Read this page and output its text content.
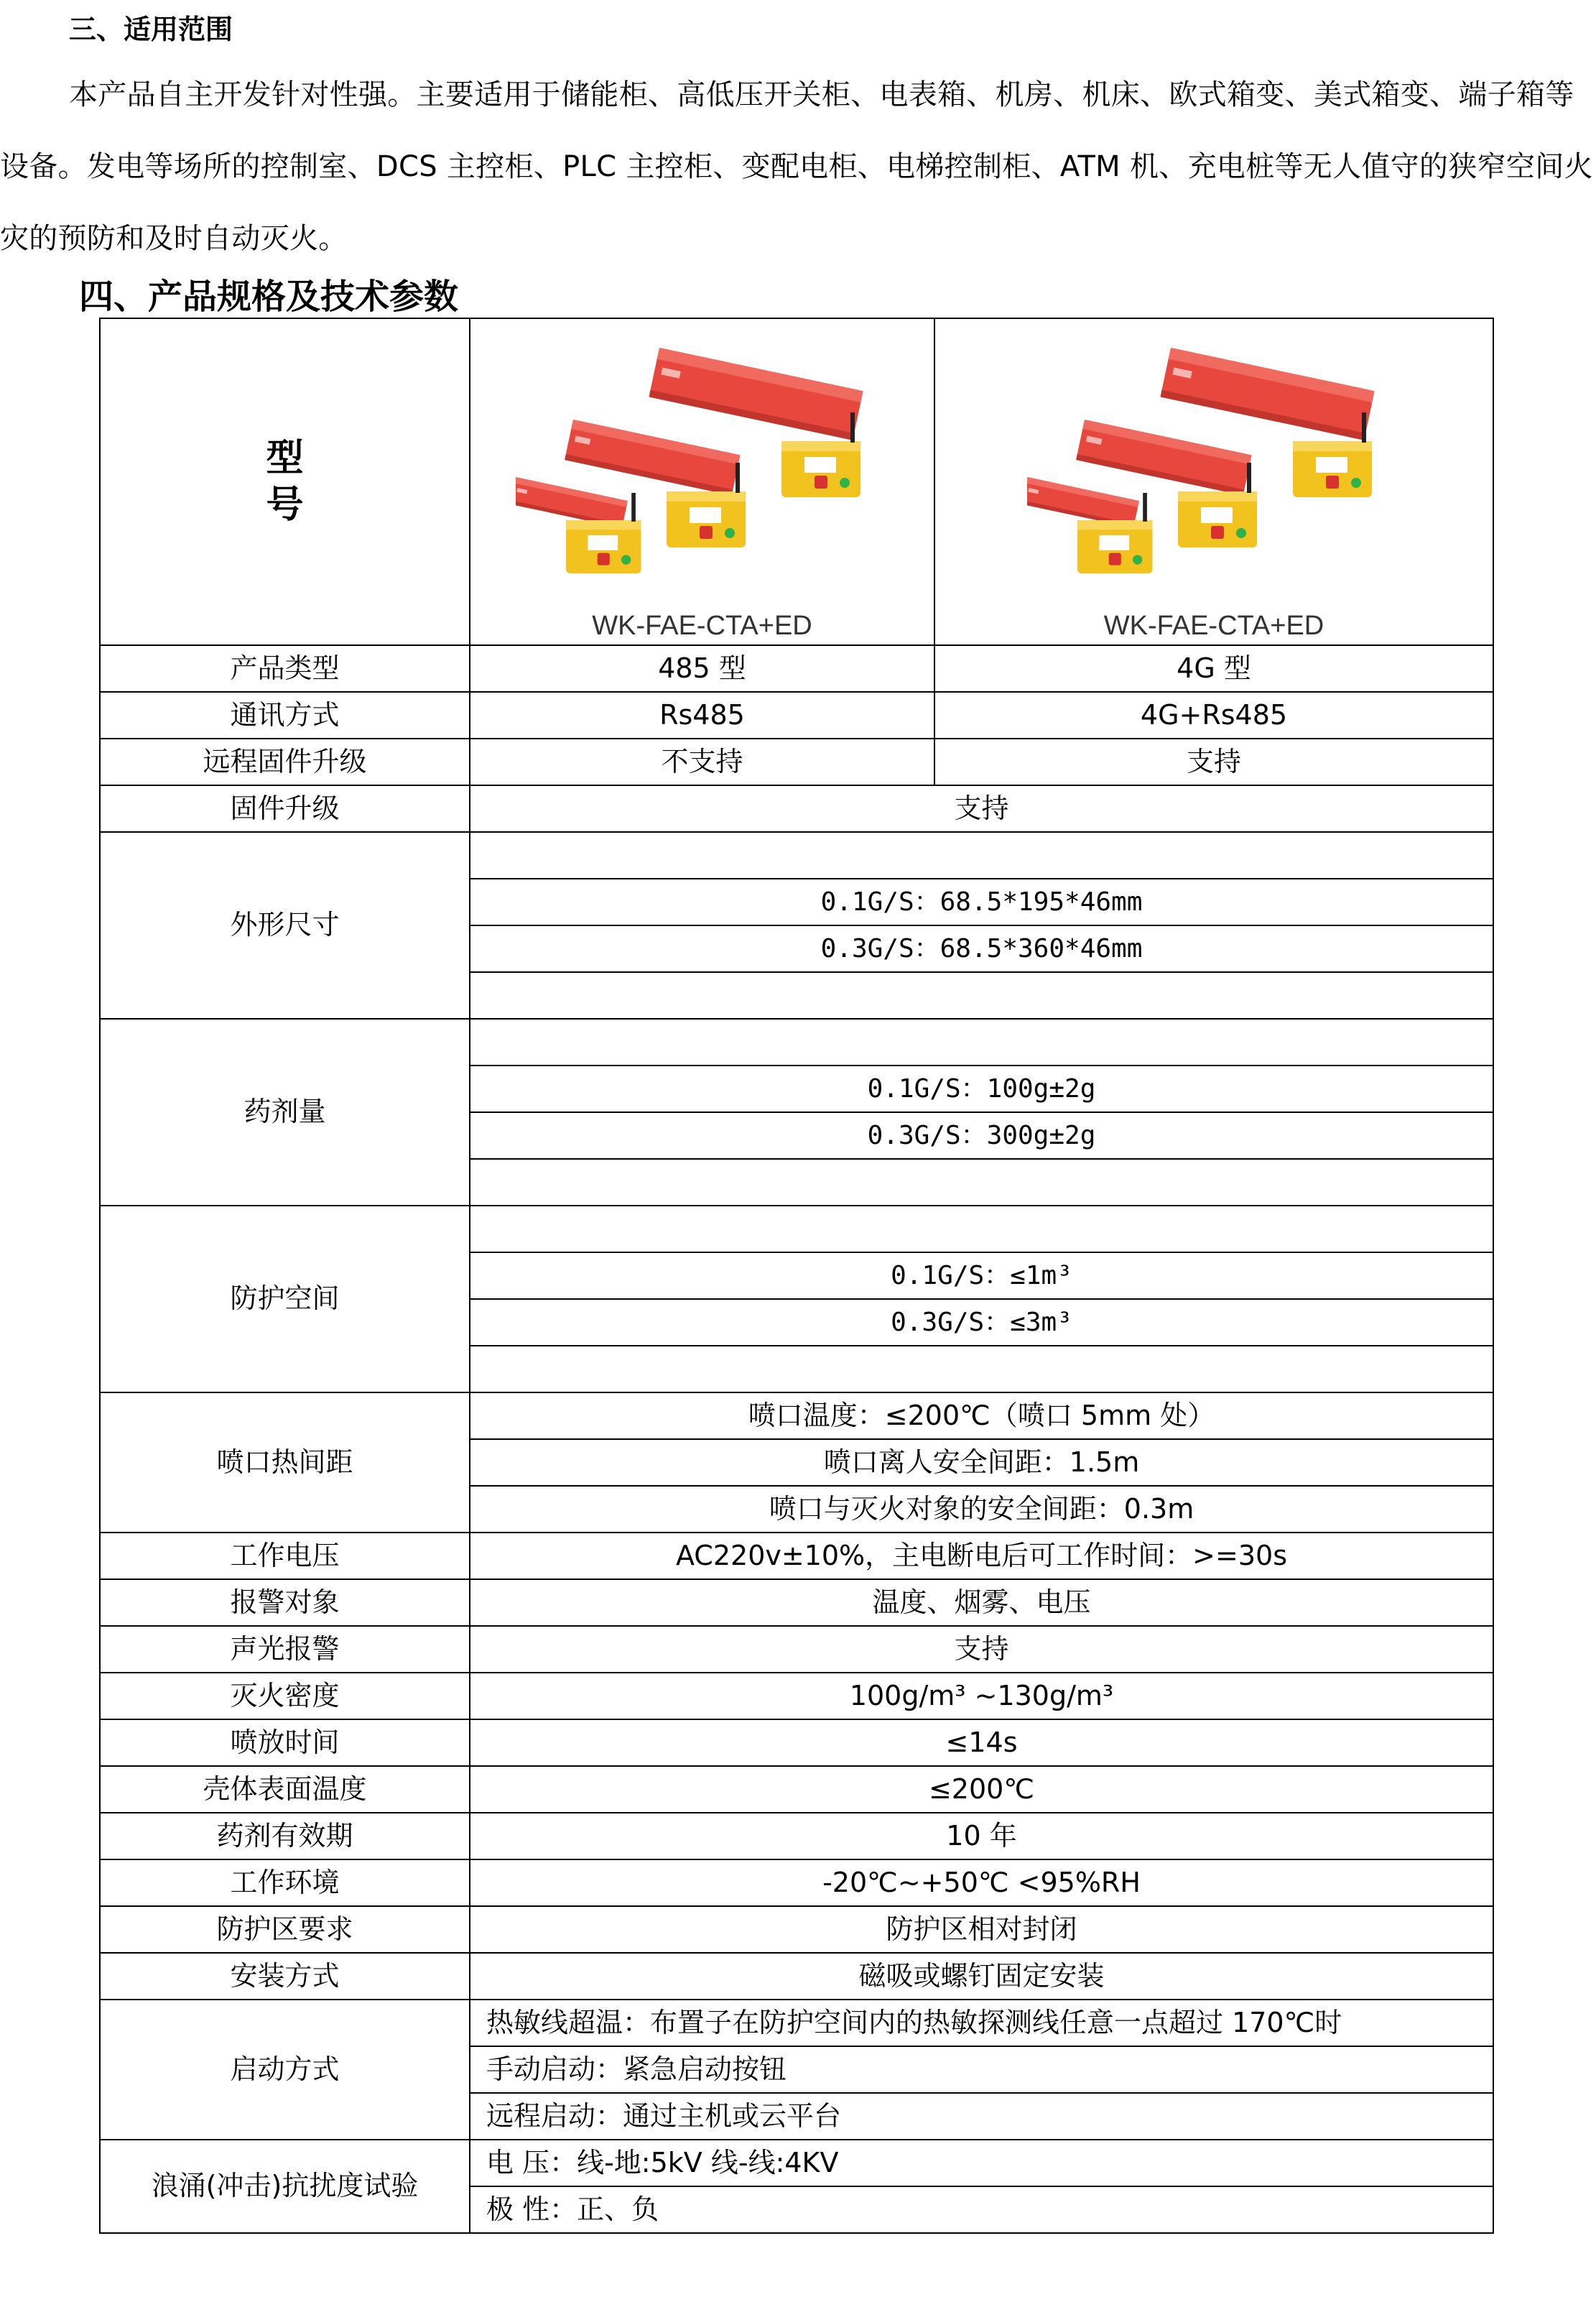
三、适用范围
本产品自主开发针对性强。主要适用于储能柜、高低压开关柜、电表箱、机房、机床、欧式箱变、美式箱变、端子箱等设备。发电等场所的控制室、DCS 主控柜、PLC 主控柜、变配电柜、电梯控制柜、ATM 机、充电桩等无人值守的狭窄空间火灾的预防和及时自动灭火。
四、产品规格及技术参数
型
号	WK-FAE-CTA+ED	WK-FAE-CTA+ED

产品类型	485 型	4G 型
通讯方式	Rs485	4G+Rs485
远程固件升级	不支持	支持
固件升级	支持	
外形尺寸		
	0.1G/S：68.5*195*46mm	
	0.3G/S：68.5*360*46mm	

药剂量		
	0.1G/S：100g±2g	
	0.3G/S：300g±2g	

防护空间		
	0.1G/S：≤1m³	
	0.3G/S：≤3m³	

喷口热间距	喷口温度：≤200℃（喷口 5mm 处）	
	喷口离人安全间距：1.5m	
	喷口与灭火对象的安全间距：0.3m	
工作电压	AC220v±10%，主电断电后可工作时间：>=30s	
报警对象	温度、烟雾、电压	
声光报警	支持	
灭火密度	100g/m³ ~130g/m³	
喷放时间	≤14s	
壳体表面温度	≤200℃	
药剂有效期	10 年	
工作环境	-20℃~+50℃ <95%RH	
防护区要求	防护区相对封闭	
安装方式	磁吸或螺钉固定安装	
启动方式	热敏线超温：布置子在防护空间内的热敏探测线任意一点超过 170℃时	
	手动启动：紧急启动按钮	
	远程启动：通过主机或云平台	
浪涌(冲击)抗扰度试验	电 压：线-地:5kV 线-线:4KV	
	极 性：正、负	
